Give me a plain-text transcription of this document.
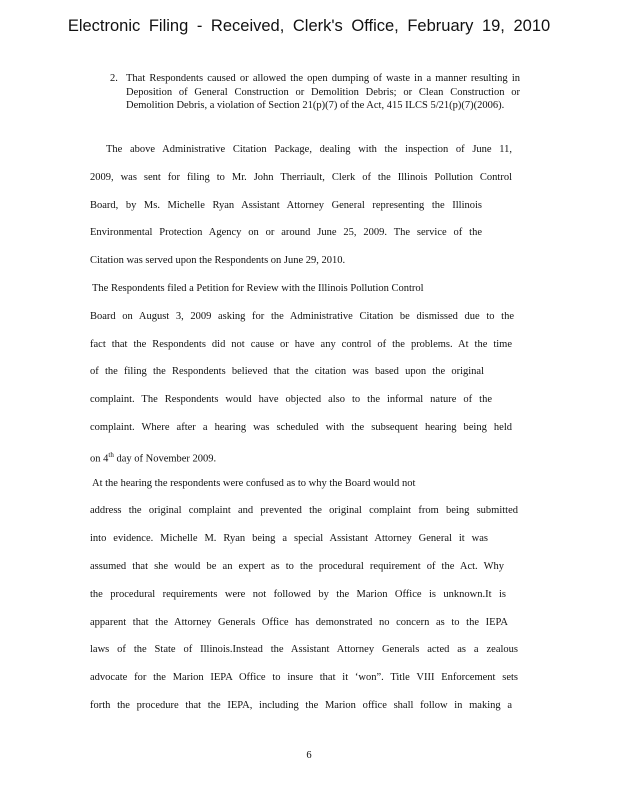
Electronic Filing - Received, Clerk's Office, February 19, 2010
2. That Respondents caused or allowed the open dumping of waste in a manner resulting in Deposition of General Construction or Demolition Debris; or Clean Construction or Demolition Debris, a violation of Section 21(p)(7) of the Act, 415 ILCS 5/21(p)(7)(2006).
The above Administrative Citation Package, dealing with the inspection of June 11,
2009, was sent for filing to Mr. John Therriault, Clerk of the Illinois Pollution Control
Board, by Ms. Michelle Ryan Assistant Attorney General representing the Illinois
Environmental Protection Agency on or around June 25, 2009. The service of the
Citation was served upon the Respondents on June 29, 2010.
The Respondents filed a Petition for Review with the Illinois Pollution Control
Board on August 3, 2009 asking for the Administrative Citation be dismissed due to the
fact that the Respondents did not cause or have any control of the problems. At the time
of the filing the Respondents believed that the citation was based upon the original
complaint. The Respondents would have objected also to the informal nature of the
complaint. Where after a hearing was scheduled with the subsequent hearing being held
on 4th day of November 2009.
At the hearing the respondents were confused as to why the Board would not
address the original complaint and prevented the original complaint from being submitted
into evidence. Michelle M. Ryan being a special Assistant Attorney General it was
assumed that she would be an expert as to the procedural requirement of the Act. Why
the procedural requirements were not followed by the Marion Office is unknown.It is
apparent that the Attorney Generals Office has demonstrated no concern as to the IEPA
laws of the State of Illinois.Instead the Assistant Attorney Generals acted as a zealous
advocate for the Marion IEPA Office to insure that it ‘won”. Title VIII Enforcement sets
forth the procedure that the IEPA, including the Marion office shall follow in making a
6
